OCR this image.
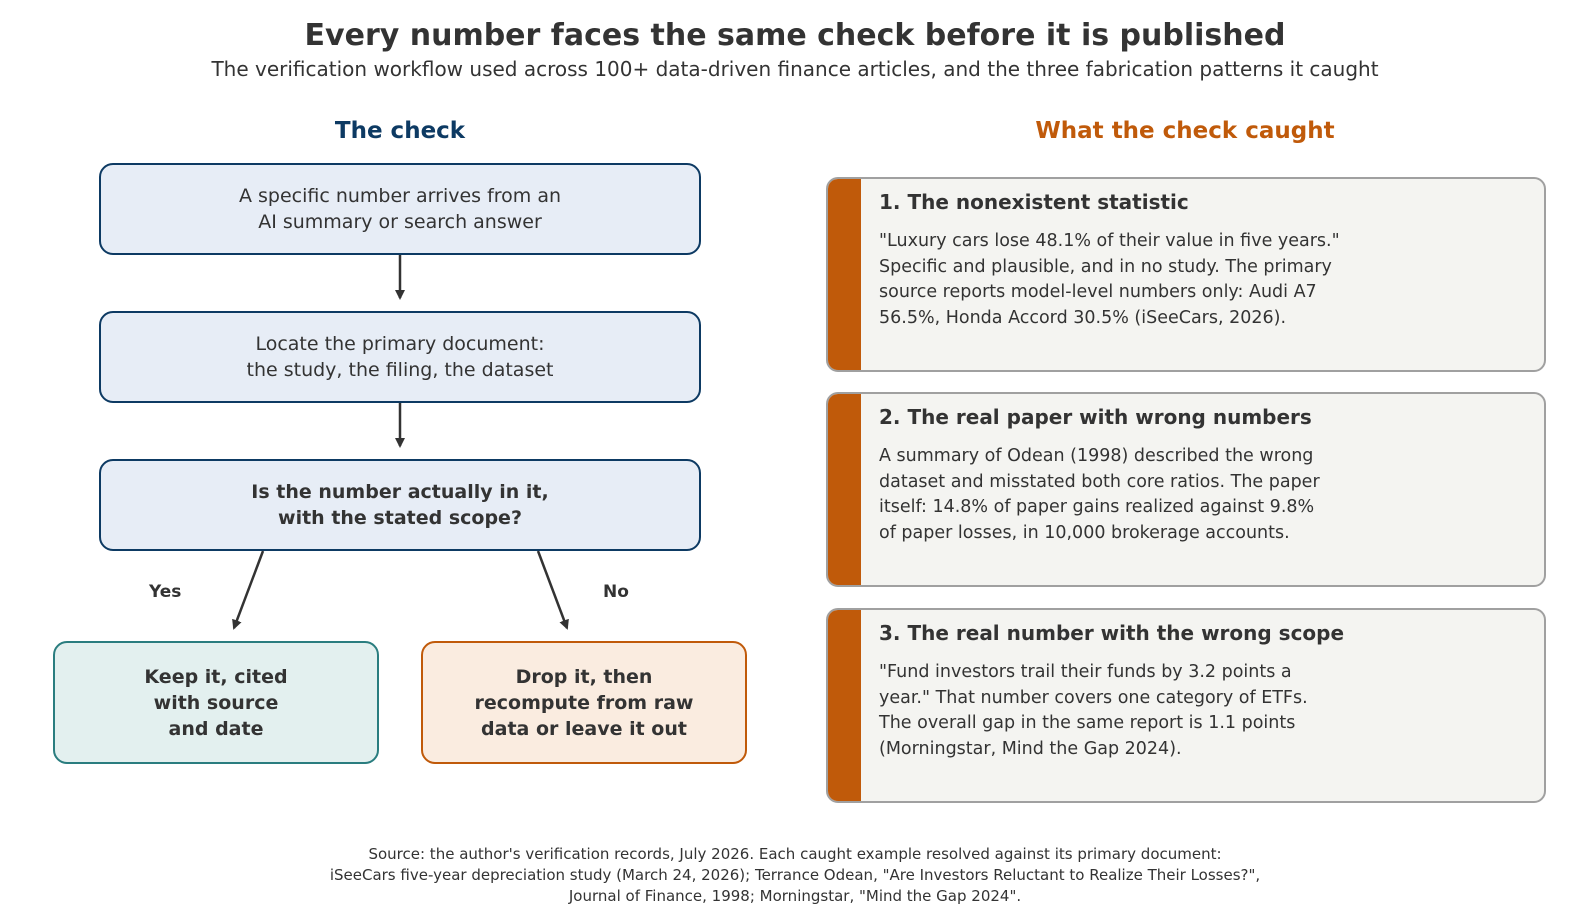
Every number faces the same check before it is published
The verification workflow used across 100+ data-driven finance articles, and the three fabrication patterns it caught
The check	What the check caught
A specific number arrives from an
AI summary or search answer
Locate the primary document:
the study, the filing, the dataset
Is the number actually in it,
with the stated scope?
Yes	No
Keep it, cited
with source
and date
Drop it, then
recompute from raw
data or leave it out
1. The nonexistent statistic
"Luxury cars lose 48.1% of their value in five years."
Specific and plausible, and in no study. The primary
source reports model-level numbers only: Audi A7
56.5%, Honda Accord 30.5% (iSeeCars, 2026).
2. The real paper with wrong numbers
A summary of Odean (1998) described the wrong
dataset and misstated both core ratios. The paper
itself: 14.8% of paper gains realized against 9.8%
of paper losses, in 10,000 brokerage accounts.
3. The real number with the wrong scope
"Fund investors trail their funds by 3.2 points a
year." That number covers one category of ETFs.
The overall gap in the same report is 1.1 points
(Morningstar, Mind the Gap 2024).
Source: the author's verification records, July 2026. Each caught example resolved against its primary document:
iSeeCars five-year depreciation study (March 24, 2026); Terrance Odean, "Are Investors Reluctant to Realize Their Losses?",
Journal of Finance, 1998; Morningstar, "Mind the Gap 2024".
